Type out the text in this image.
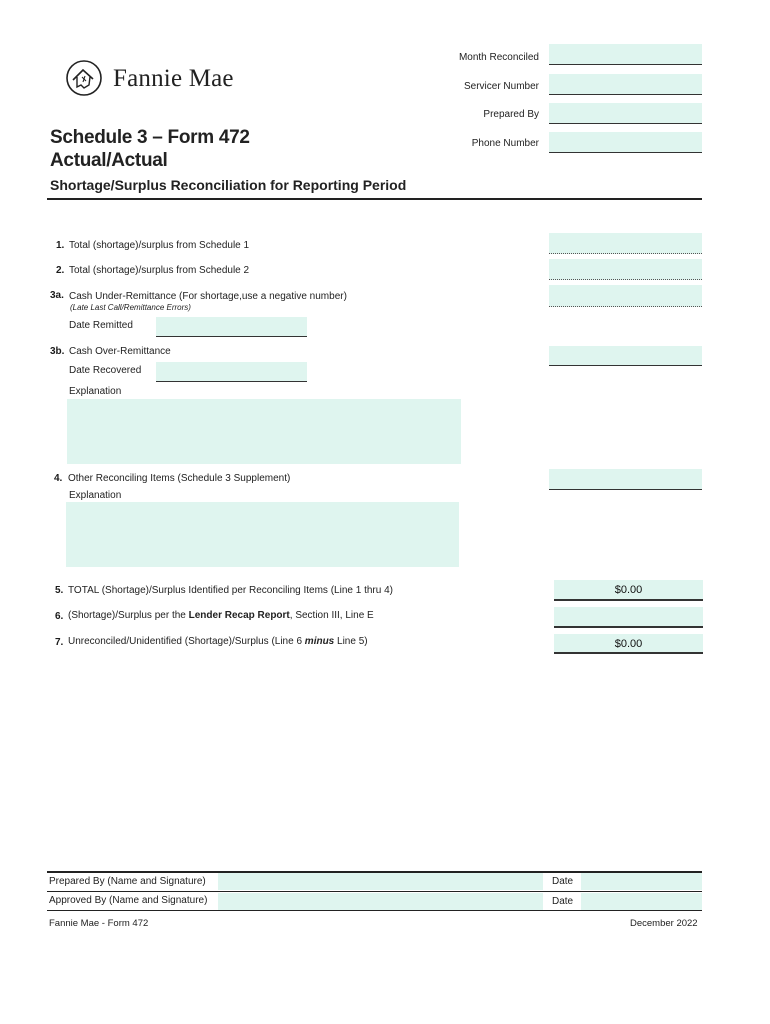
Fannie Mae
Month Reconciled
Servicer Number
Prepared By
Phone Number
Schedule 3 – Form 472
Actual/Actual
Shortage/Surplus Reconciliation for Reporting Period
1. Total (shortage)/surplus from Schedule 1
2. Total (shortage)/surplus from Schedule 2
3a. Cash Under-Remittance (For shortage,use a negative number)
(Late Last Call/Remittance Errors)
Date Remitted
3b. Cash Over-Remittance
Date Recovered
Explanation
4. Other Reconciling Items (Schedule 3 Supplement)
Explanation
5. TOTAL (Shortage)/Surplus Identified per Reconciling Items (Line 1 thru 4)	$0.00
6. (Shortage)/Surplus per the Lender Recap Report, Section III, Line E
7. Unreconciled/Unidentified (Shortage)/Surplus (Line 6 minus Line 5)	$0.00
Prepared By (Name and Signature)	Date
Approved By (Name and Signature)	Date
Fannie Mae - Form 472	December 2022
